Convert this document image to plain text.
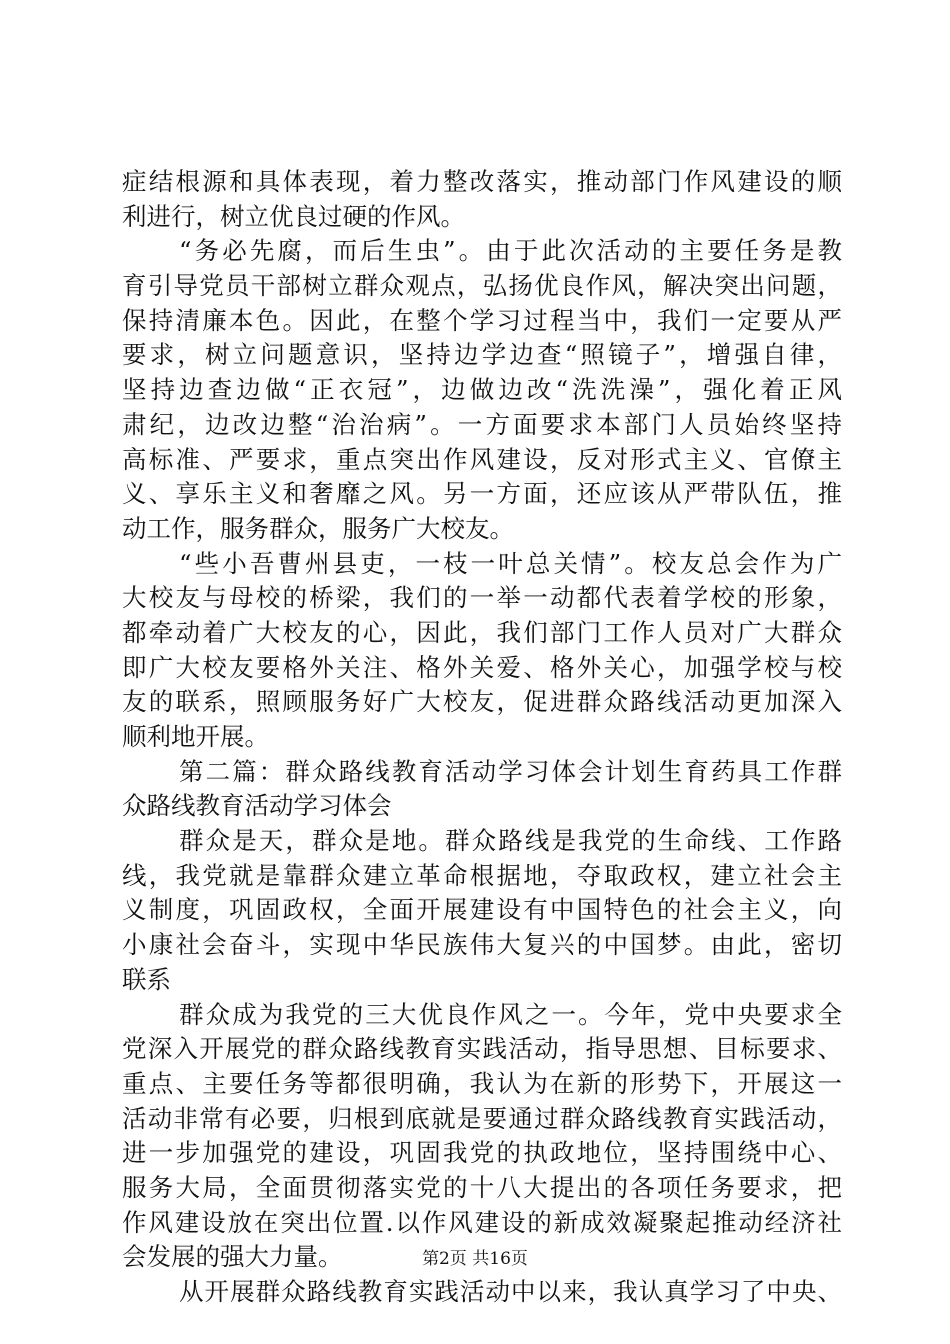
症结根源和具体表现，着力整改落实，推动部门作风建设的顺
利进行，树立优良过硬的作风。
“务必先腐，而后生虫”。由于此次活动的主要任务是教
育引导党员干部树立群众观点，弘扬优良作风，解决突出问题，
保持清廉本色。因此，在整个学习过程当中，我们一定要从严
要求，树立问题意识，坚持边学边查“照镜子”，增强自律，
坚持边查边做“正衣冠”，边做边改“洗洗澡”，强化着正风
肃纪，边改边整“治治病”。一方面要求本部门人员始终坚持
高标准、严要求，重点突出作风建设，反对形式主义、官僚主
义、享乐主义和奢靡之风。另一方面，还应该从严带队伍，推
动工作，服务群众，服务广大校友。
“些小吾曹州县吏，一枝一叶总关情”。校友总会作为广
大校友与母校的桥梁，我们的一举一动都代表着学校的形象，
都牵动着广大校友的心，因此，我们部门工作人员对广大群众
即广大校友要格外关注、格外关爱、格外关心，加强学校与校
友的联系，照顾服务好广大校友，促进群众路线活动更加深入
顺利地开展。
第二篇：群众路线教育活动学习体会计划生育药具工作群
众路线教育活动学习体会
群众是天，群众是地。群众路线是我党的生命线、工作路
线，我党就是靠群众建立革命根据地，夺取政权，建立社会主
义制度，巩固政权，全面开展建设有中国特色的社会主义，向
小康社会奋斗，实现中华民族伟大复兴的中国梦。由此，密切
联系
群众成为我党的三大优良作风之一。今年，党中央要求全
党深入开展党的群众路线教育实践活动，指导思想、目标要求、
重点、主要任务等都很明确，我认为在新的形势下，开展这一
活动非常有必要，归根到底就是要通过群众路线教育实践活动，
进一步加强党的建设，巩固我党的执政地位，坚持围绕中心、
服务大局，全面贯彻落实党的十八大提出的各项任务要求，把
作风建设放在突出位置.以作风建设的新成效凝聚起推动经济社
会发展的强大力量。
从开展群众路线教育实践活动中以来，我认真学习了中央、
第2页 共16页
